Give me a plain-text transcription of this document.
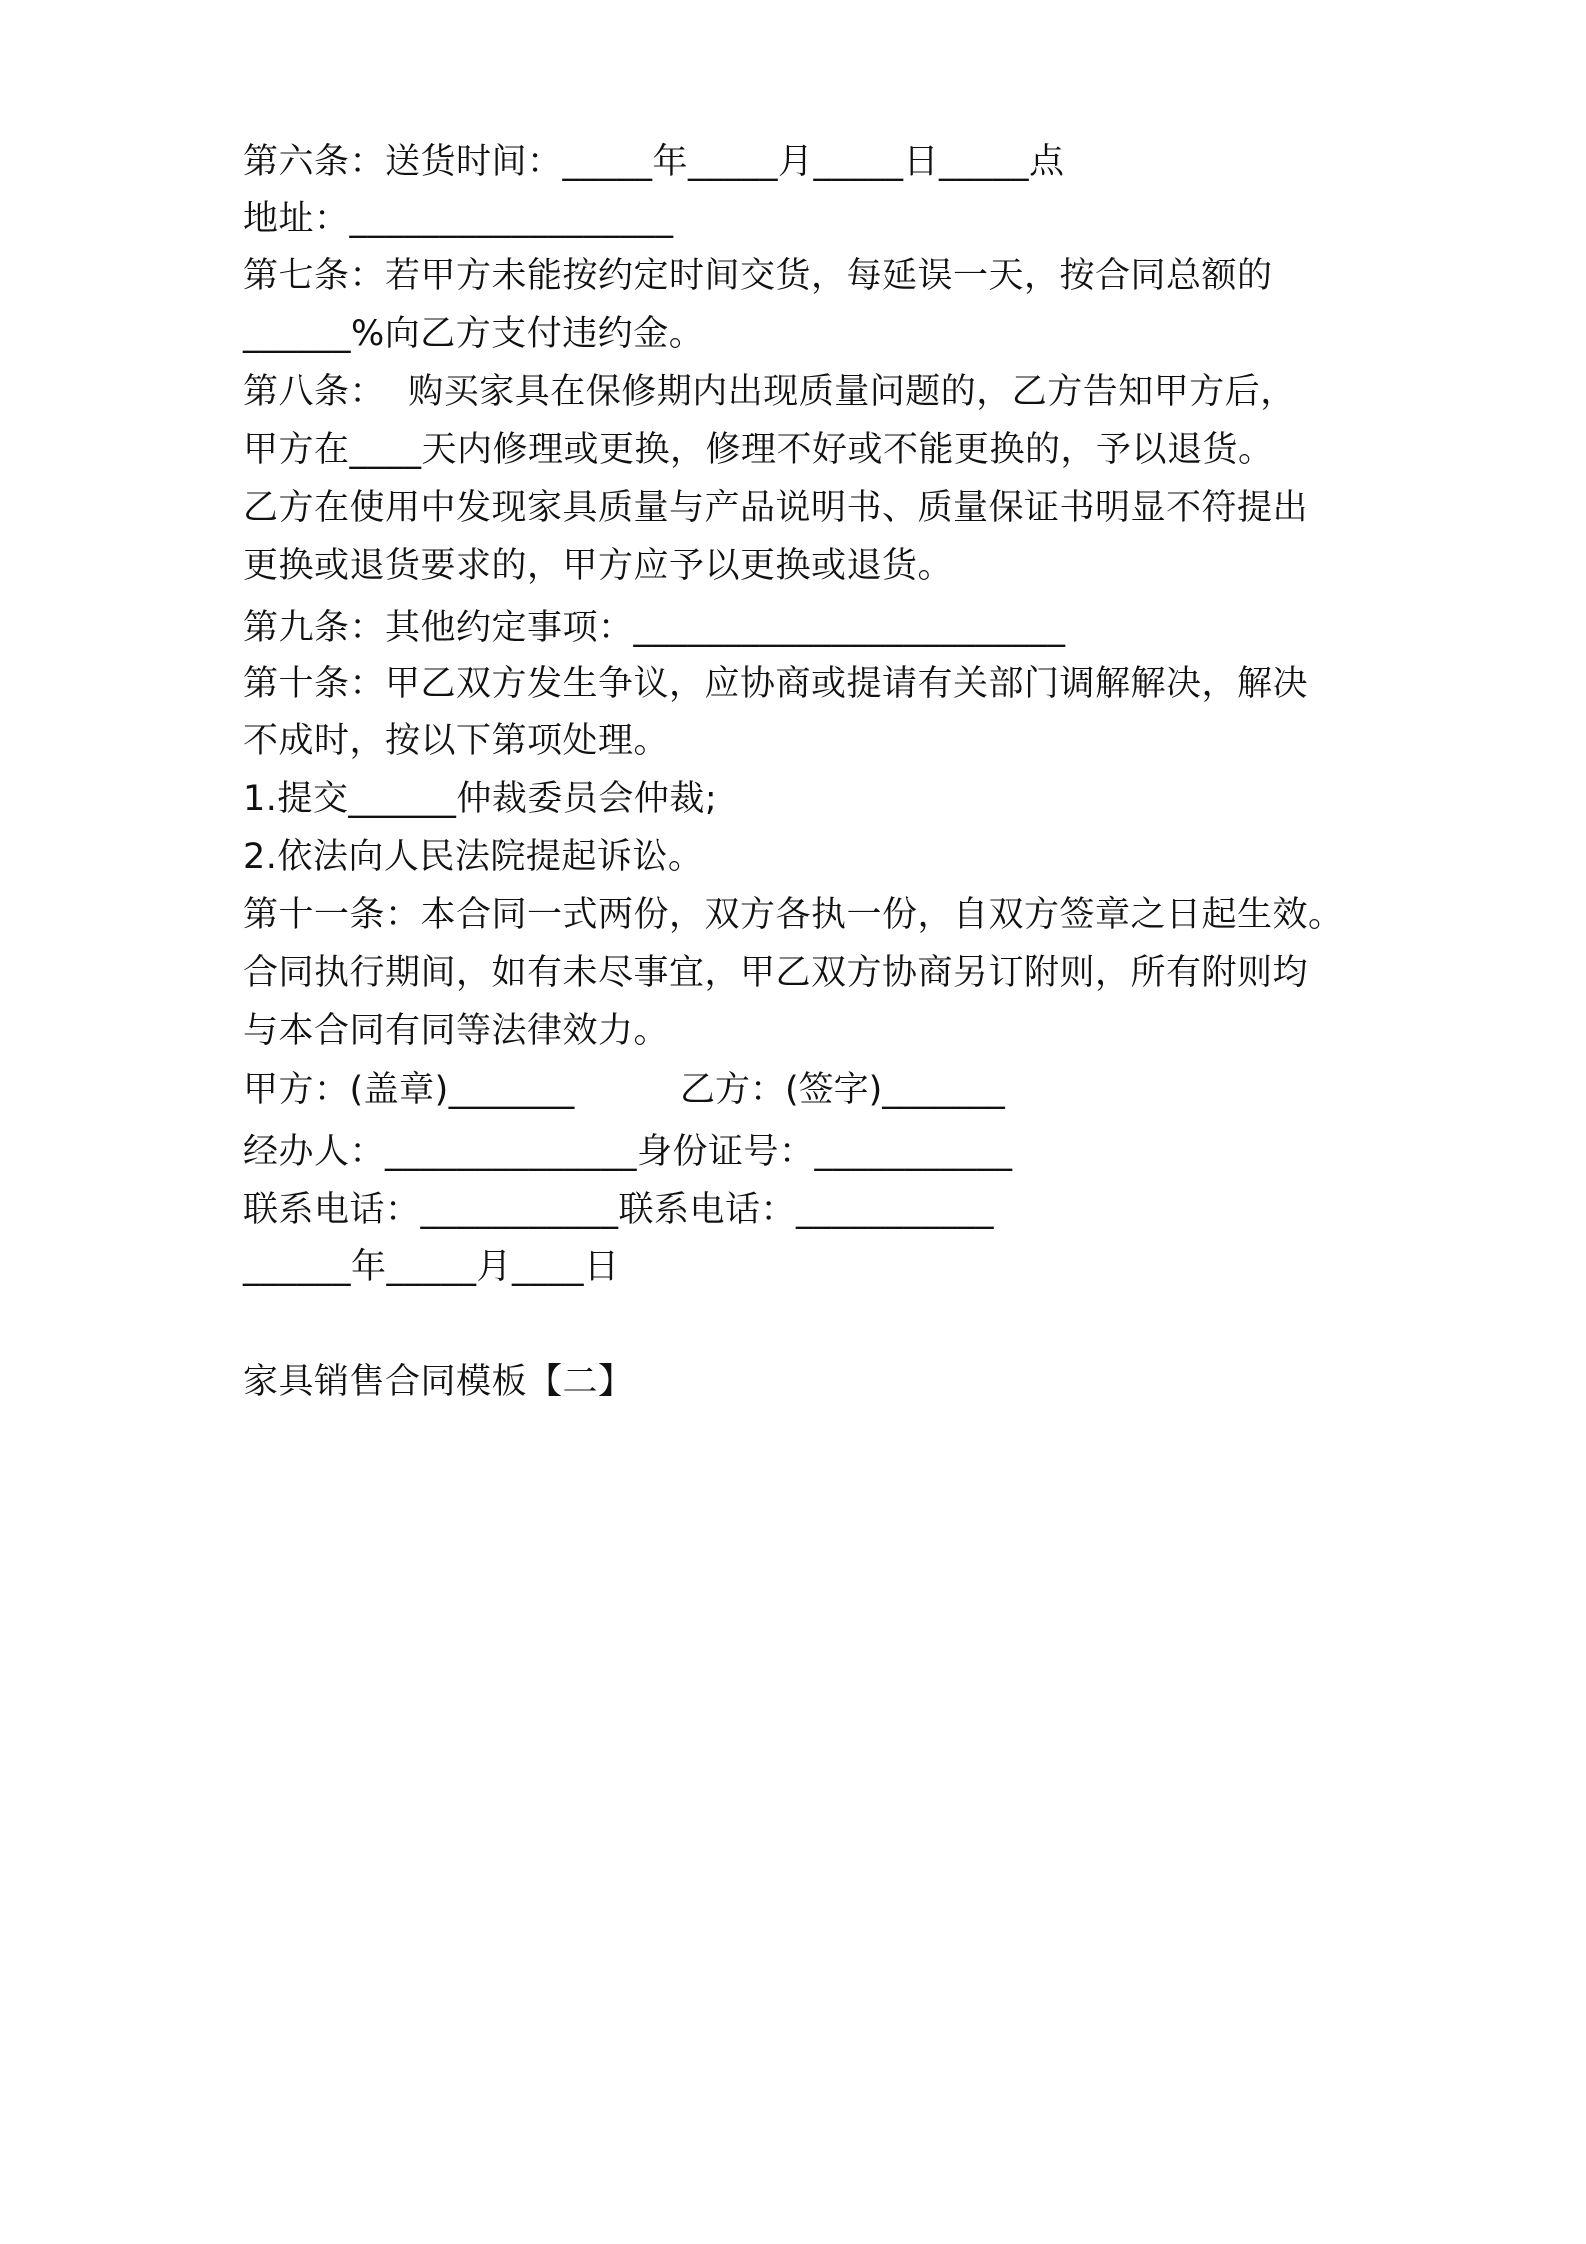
第六条：送货时间：_____年_____月_____日_____点
地址：__________________
第七条：若甲方未能按约定时间交货，每延误一天，按合同总额的
______%向乙方支付违约金。
第八条：  购买家具在保修期内出现质量问题的，乙方告知甲方后，
甲方在____天内修理或更换，修理不好或不能更换的，予以退货。
乙方在使用中发现家具质量与产品说明书、质量保证书明显不符提出
更换或退货要求的，甲方应予以更换或退货。
第九条：其他约定事项：________________________
第十条：甲乙双方发生争议，应协商或提请有关部门调解解决，解决
不成时，按以下第项处理。
1.提交______仲裁委员会仲裁;
2.依法向人民法院提起诉讼。
第十一条：本合同一式两份，双方各执一份，自双方签章之日起生效。
合同执行期间，如有未尽事宜，甲乙双方协商另订附则，所有附则均
与本合同有同等法律效力。
甲方：(盖章)_______	乙方：(签字)_______
经办人：______________身份证号：___________
联系电话：___________联系电话：___________
______年_____月____日
家具销售合同模板【二】
